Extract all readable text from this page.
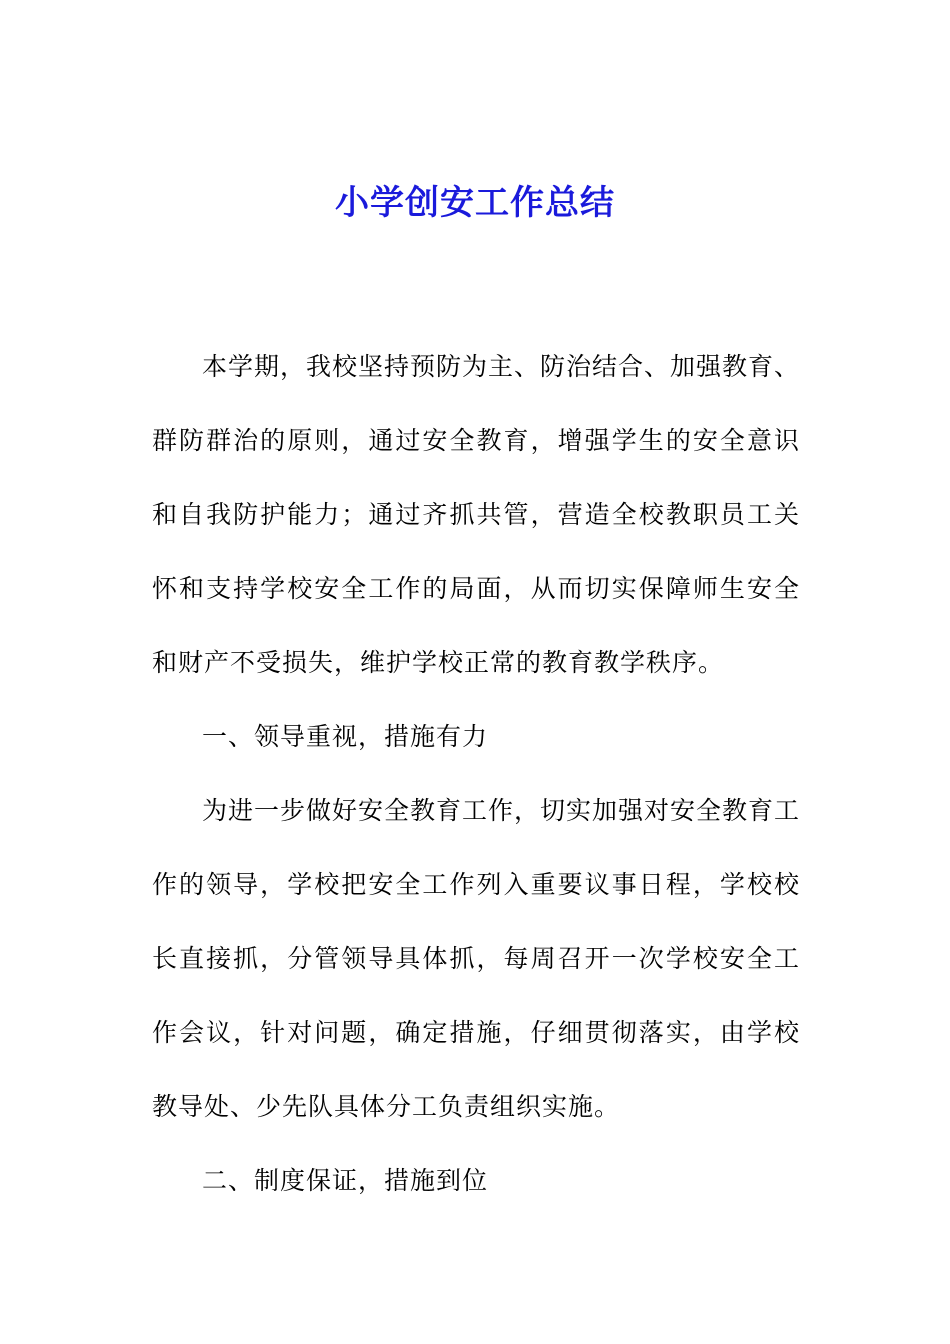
小学创安工作总结

本学期，我校坚持预防为主、防治结合、加强教育、群防群治的原则，通过安全教育，增强学生的安全意识和自我防护能力；通过齐抓共管，营造全校教职员工关怀和支持学校安全工作的局面，从而切实保障师生安全和财产不受损失，维护学校正常的教育教学秩序。

一、领导重视，措施有力

为进一步做好安全教育工作，切实加强对安全教育工作的领导，学校把安全工作列入重要议事日程，学校校长直接抓，分管领导具体抓，每周召开一次学校安全工作会议，针对问题，确定措施，仔细贯彻落实，由学校教导处、少先队具体分工负责组织实施。

二、制度保证，措施到位
